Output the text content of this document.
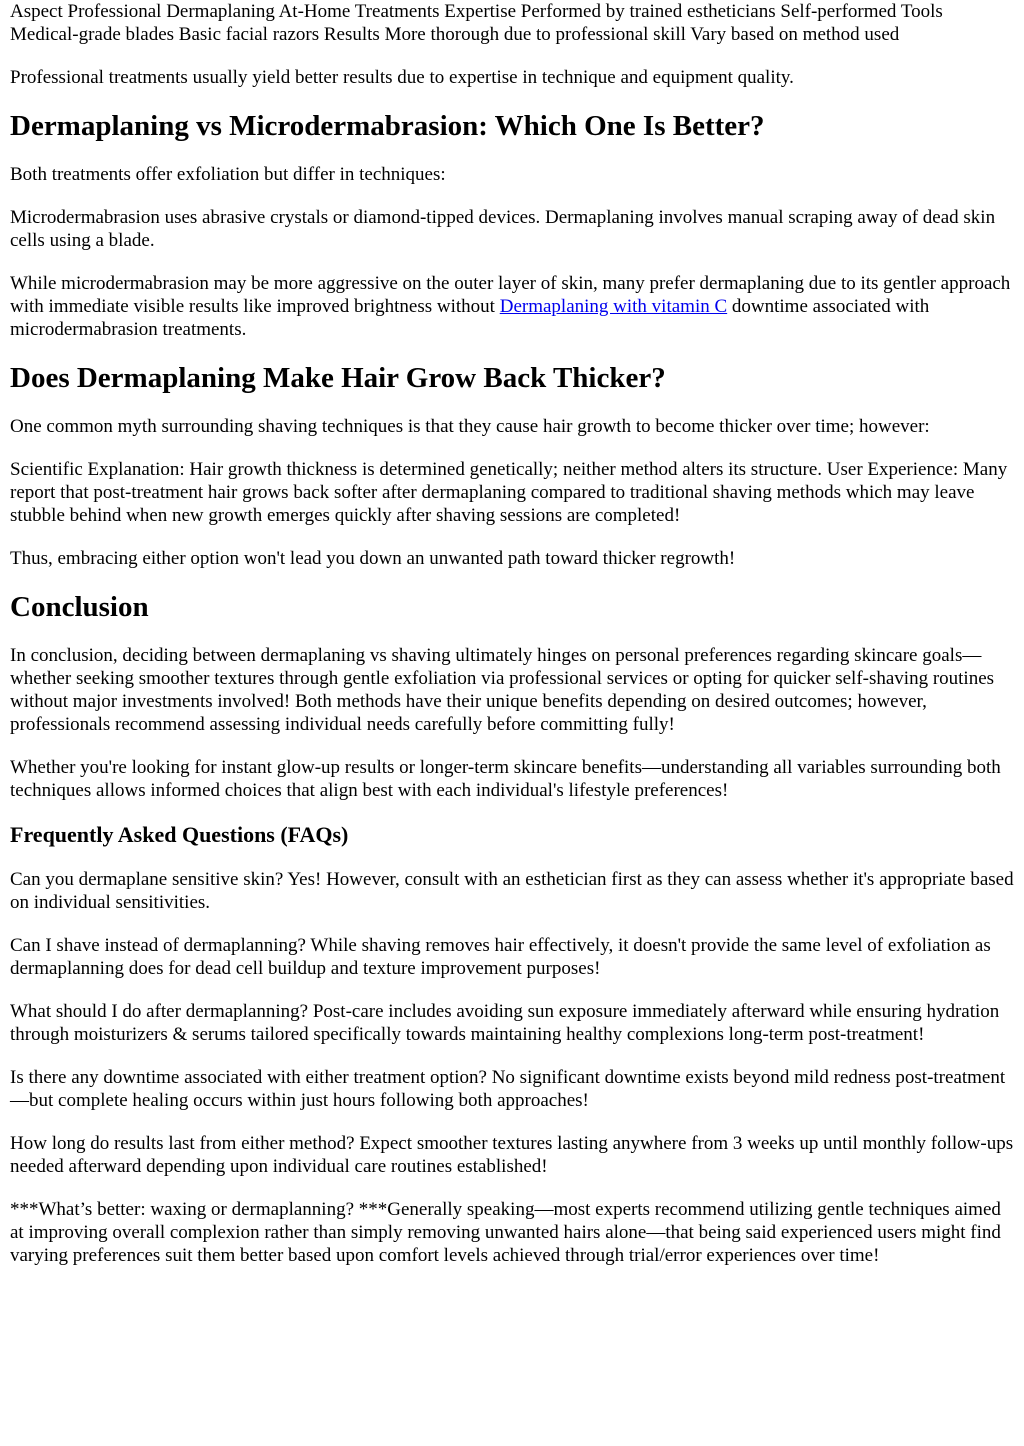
Aspect Professional Dermaplaning At-Home Treatments Expertise Performed by trained estheticians Self-performed Tools Medical-grade blades Basic facial razors Results More thorough due to professional skill Vary based on method used

Professional treatments usually yield better results due to expertise in technique and equipment quality.

Dermaplaning vs Microdermabrasion: Which One Is Better?

Both treatments offer exfoliation but differ in techniques:

Microdermabrasion uses abrasive crystals or diamond-tipped devices. Dermaplaning involves manual scraping away of dead skin cells using a blade.

While microdermabrasion may be more aggressive on the outer layer of skin, many prefer dermaplaning due to its gentler approach with immediate visible results like improved brightness without Dermaplaning with vitamin C downtime associated with microdermabrasion treatments.

Does Dermaplaning Make Hair Grow Back Thicker?

One common myth surrounding shaving techniques is that they cause hair growth to become thicker over time; however:

Scientific Explanation: Hair growth thickness is determined genetically; neither method alters its structure. User Experience: Many report that post-treatment hair grows back softer after dermaplaning compared to traditional shaving methods which may leave stubble behind when new growth emerges quickly after shaving sessions are completed!

Thus, embracing either option won't lead you down an unwanted path toward thicker regrowth!

Conclusion

In conclusion, deciding between dermaplaning vs shaving ultimately hinges on personal preferences regarding skincare goals—whether seeking smoother textures through gentle exfoliation via professional services or opting for quicker self-shaving routines without major investments involved! Both methods have their unique benefits depending on desired outcomes; however, professionals recommend assessing individual needs carefully before committing fully!

Whether you're looking for instant glow-up results or longer-term skincare benefits—understanding all variables surrounding both techniques allows informed choices that align best with each individual's lifestyle preferences!

Frequently Asked Questions (FAQs)

Can you dermaplane sensitive skin? Yes! However, consult with an esthetician first as they can assess whether it's appropriate based on individual sensitivities.

Can I shave instead of dermaplanning? While shaving removes hair effectively, it doesn't provide the same level of exfoliation as dermaplanning does for dead cell buildup and texture improvement purposes!

What should I do after dermaplanning? Post-care includes avoiding sun exposure immediately afterward while ensuring hydration through moisturizers & serums tailored specifically towards maintaining healthy complexions long-term post-treatment!

Is there any downtime associated with either treatment option? No significant downtime exists beyond mild redness post-treatment—but complete healing occurs within just hours following both approaches!

How long do results last from either method? Expect smoother textures lasting anywhere from 3 weeks up until monthly follow-ups needed afterward depending upon individual care routines established!

***What’s better: waxing or dermaplanning? ***Generally speaking—most experts recommend utilizing gentle techniques aimed at improving overall complexion rather than simply removing unwanted hairs alone—that being said experienced users might find varying preferences suit them better based upon comfort levels achieved through trial/error experiences over time!
